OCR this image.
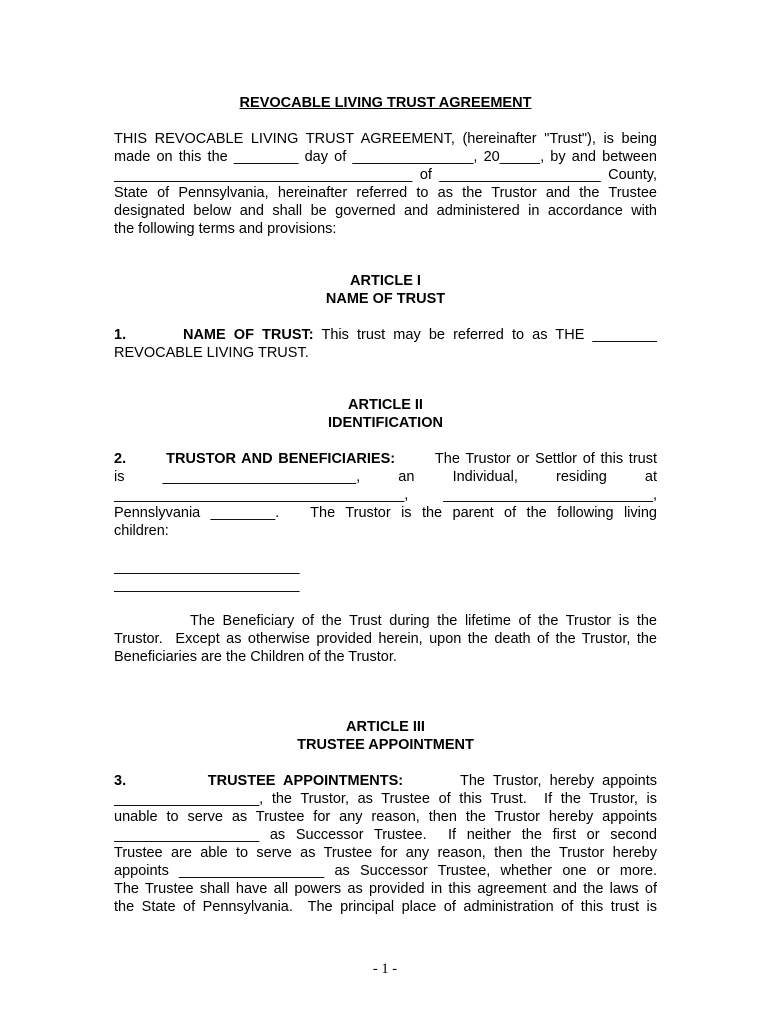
REVOCABLE LIVING TRUST AGREEMENT
THIS REVOCABLE LIVING TRUST AGREEMENT, (hereinafter "Trust"), is being
made on this the ________ day of _______________, 20_____, by and between
_____________________________________ of ____________________ County,
State of Pennsylvania, hereinafter referred to as the Trustor and the Trustee
designated below and shall be governed and administered in accordance with
the following terms and provisions:
ARTICLE I
NAME OF TRUST
1.	NAME OF TRUST: This trust may be referred to as THE ________
REVOCABLE LIVING TRUST.
ARTICLE II
IDENTIFICATION
2.	TRUSTOR AND BENEFICIARIES:	The Trustor or Settlor of this trust
is        ________________________,        an        Individual,        residing        at
____________________________________,   __________________________,
Pennslyvania ________.   The Trustor is the parent of the following living
children:
_______________________
_______________________
The Beneficiary of the Trust during the lifetime of the Trustor is the
Trustor.  Except as otherwise provided herein, upon the death of the Trustor, the
Beneficiaries are the Children of the Trustor.
ARTICLE III
TRUSTEE APPOINTMENT
3.	TRUSTEE APPOINTMENTS:	The Trustor, hereby appoints
__________________, the Trustor, as Trustee of this Trust.  If the Trustor, is
unable to serve as Trustee for any reason, then the Trustor hereby appoints
__________________ as Successor Trustee.  If neither the first or second
Trustee are able to serve as Trustee for any reason, then the Trustor hereby
appoints __________________ as Successor Trustee, whether one or more.
The Trustee shall have all powers as provided in this agreement and the laws of
the State of Pennsylvania.  The principal place of administration of this trust is
- 1 -
